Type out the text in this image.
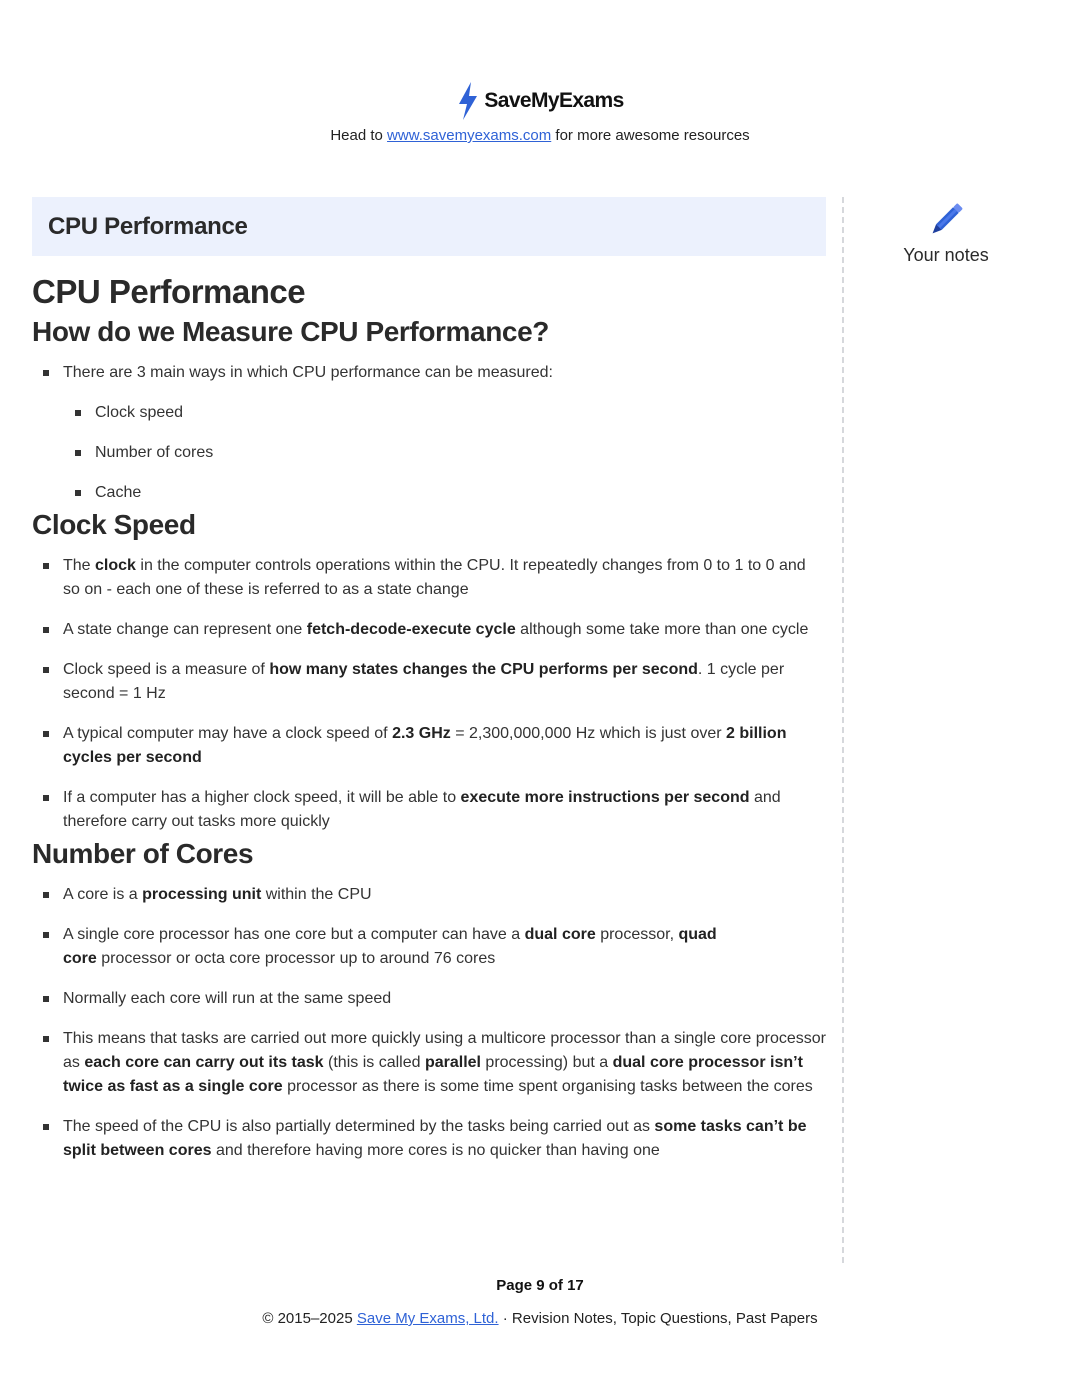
SaveMyExams
Head to www.savemyexams.com for more awesome resources
CPU Performance
CPU Performance
How do we Measure CPU Performance?
There are 3 main ways in which CPU performance can be measured:
Clock speed
Number of cores
Cache
Clock Speed
The clock in the computer controls operations within the CPU. It repeatedly changes from 0 to 1 to 0 and so on - each one of these is referred to as a state change
A state change can represent one fetch-decode-execute cycle although some take more than one cycle
Clock speed is a measure of how many states changes the CPU performs per second. 1 cycle per second = 1 Hz
A typical computer may have a clock speed of 2.3 GHz = 2,300,000,000 Hz which is just over 2 billion cycles per second
If a computer has a higher clock speed, it will be able to execute more instructions per second and therefore carry out tasks more quickly
Number of Cores
A core is a processing unit within the CPU
A single core processor has one core but a computer can have a dual core processor, quad core processor or octa core processor up to around 76 cores
Normally each core will run at the same speed
This means that tasks are carried out more quickly using a multicore processor than a single core processor as each core can carry out its task (this is called parallel processing) but a dual core processor isn’t twice as fast as a single core processor as there is some time spent organising tasks between the cores
The speed of the CPU is also partially determined by the tasks being carried out as some tasks can’t be split between cores and therefore having more cores is no quicker than having one
Your notes
Page 9 of 17
© 2015–2025 Save My Exams, Ltd. · Revision Notes, Topic Questions, Past Papers
